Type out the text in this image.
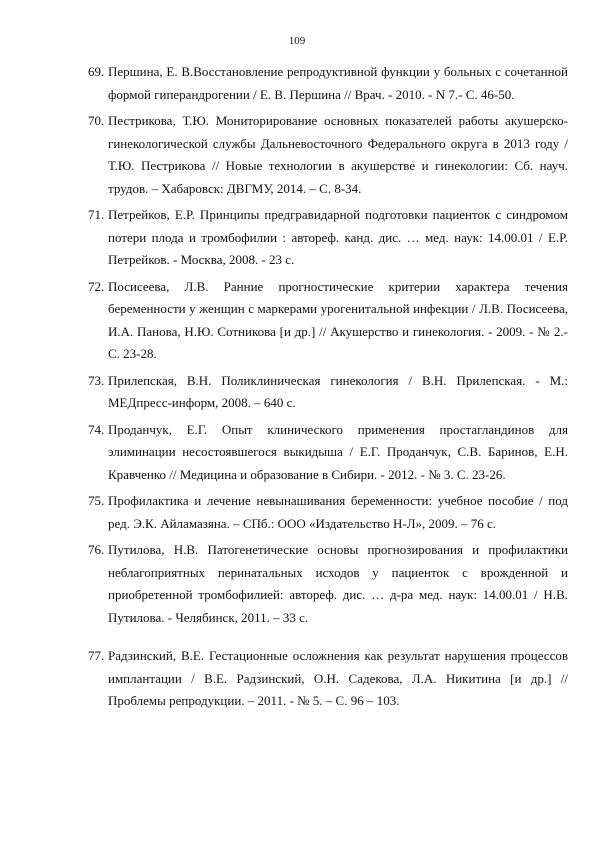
109
69. Першина, Е. В.Восстановление репродуктивной функции у больных с сочетанной формой гиперандрогении / Е. В. Першина // Врач. - 2010. - N 7.- С. 46-50.
70. Пестрикова, Т.Ю. Мониторирование основных показателей работы акушерско-гинекологической службы Дальневосточного Федерального округа в 2013 году / Т.Ю. Пестрикова // Новые технологии в акушерстве и гинекологии: Сб. науч. трудов. – Хабаровск: ДВГМУ, 2014. – С. 8-34.
71. Петрейков, Е.Р. Принципы предгравидарной подготовки пациенток с синдромом потери плода и тромбофилии : автореф. канд. дис. … мед. наук: 14.00.01 / Е.Р. Петрейков. - Москва, 2008. - 23 с.
72. Посисеева, Л.В. Ранние прогностические критерии характера течения беременности у женщин с маркерами урогенитальной инфекции / Л.В. Посисеева, И.А. Панова, Н.Ю. Сотникова [и др.] // Акушерство и гинекология. - 2009. - № 2.- С. 23-28.
73. Прилепская, В.Н. Поликлиническая гинекология / В.Н. Прилепская. - М.: МЕДпресс-информ, 2008. – 640 с.
74. Проданчук, Е.Г. Опыт клинического применения простагландинов для элиминации несостоявшегося выкидыша / Е.Г. Проданчук, С.В. Баринов, Е.Н. Кравченко // Медицина и образование в Сибири. - 2012. - № 3. С. 23-26.
75. Профилактика и лечение невынашивания беременности: учебное пособие / под ред. Э.К. Айламазяна. – СПб.: ООО «Издательство Н-Л», 2009. – 76 с.
76. Путилова, Н.В. Патогенетические основы прогнозирования и профилактики неблагоприятных перинатальных исходов у пациенток с врожденной и приобретенной тромбофилией: автореф. дис. … д-ра мед. наук: 14.00.01 / Н.В. Путилова. - Челябинск, 2011. – 33 с.
77. Радзинский, В.Е. Гестационные осложнения как результат нарушения процессов имплантации / В.Е. Радзинский, О.Н. Садекова, Л.А. Никитина [и др.] // Проблемы репродукции. – 2011. - № 5. – С. 96 – 103.
